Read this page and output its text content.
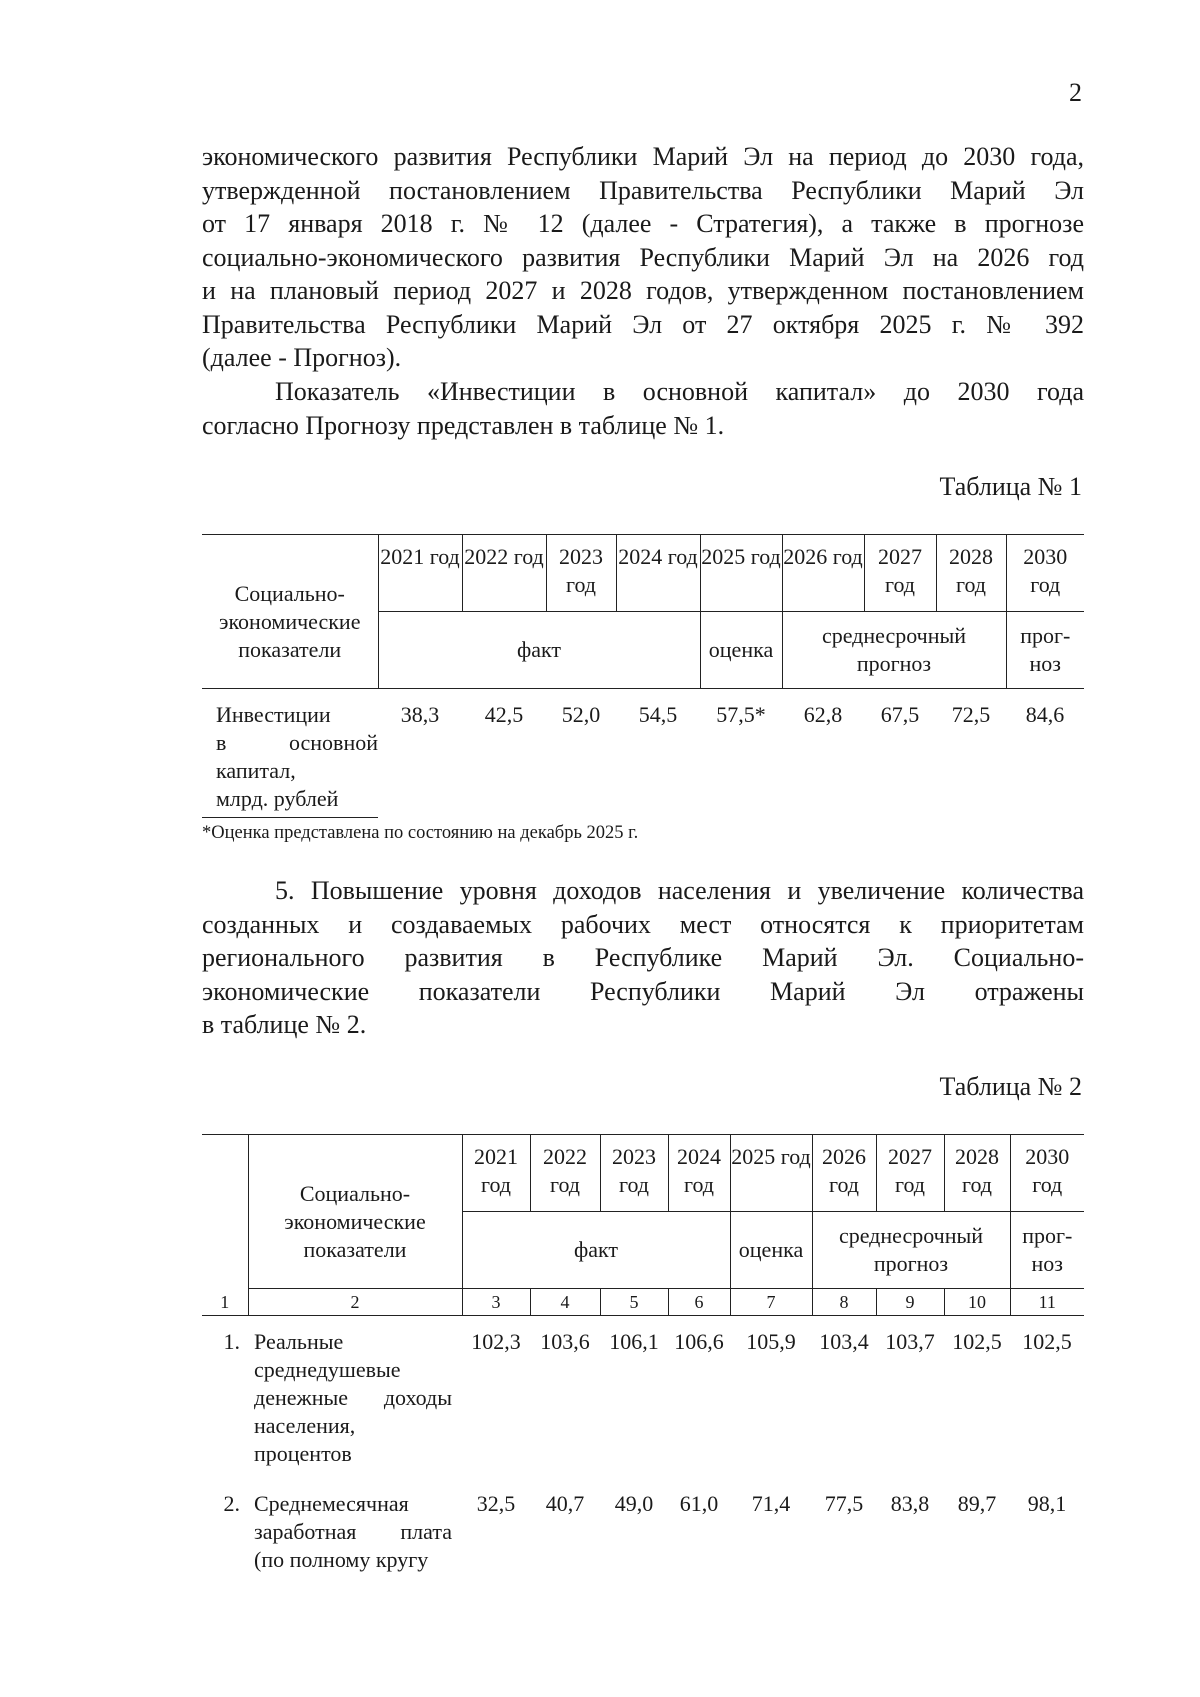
2
экономического развития Республики Марий Эл на период до 2030 года,
утвержденной постановлением Правительства Республики Марий Эл
от 17 января 2018 г. № 12 (далее - Стратегия), а также в прогнозе
социально-экономического развития Республики Марий Эл на 2026 год
и на плановый период 2027 и 2028 годов, утвержденном постановлением
Правительства Республики Марий Эл от 27 октября 2025 г. № 392
(далее - Прогноз).
Показатель «Инвестиции в основной капитал» до 2030 года
согласно Прогнозу представлен в таблице № 1.
Таблица № 1
Социально-экономические показатели	2021 год	2022 год	2023 год	2024 год	2025 год	2026 год	2027 год	2028 год	2030 год
	факт				оценка	среднесрочный прогноз			прог-ноз

Инвестиции
в основной
капитал,
млрд. рублей	38,3	42,5	52,0	54,5	57,5*	62,8	67,5	72,5	84,6
*Оценка представлена по состоянию на декабрь 2025 г.
5. Повышение уровня доходов населения и увеличение количества
созданных и создаваемых рабочих мест относятся к приоритетам
регионального развития в Республике Марий Эл. Социально-
экономические показатели Республики Марий Эл отражены
в таблице № 2.
Таблица № 2
	Социально-экономические показатели	2021 год	2022 год	2023 год	2024 год	2025 год	2026 год	2027 год	2028 год	2030 год
		факт				оценка	среднесрочный прогноз			прог-ноз
1	2	3	4	5	6	7	8	9	10	11
1.	Реальные
среднедушевые
денежные доходы
населения,
процентов	102,3	103,6	106,1	106,6	105,9	103,4	103,7	102,5	102,5
2.	Среднемесячная
заработная плата
(по полному кругу	32,5	40,7	49,0	61,0	71,4	77,5	83,8	89,7	98,1
